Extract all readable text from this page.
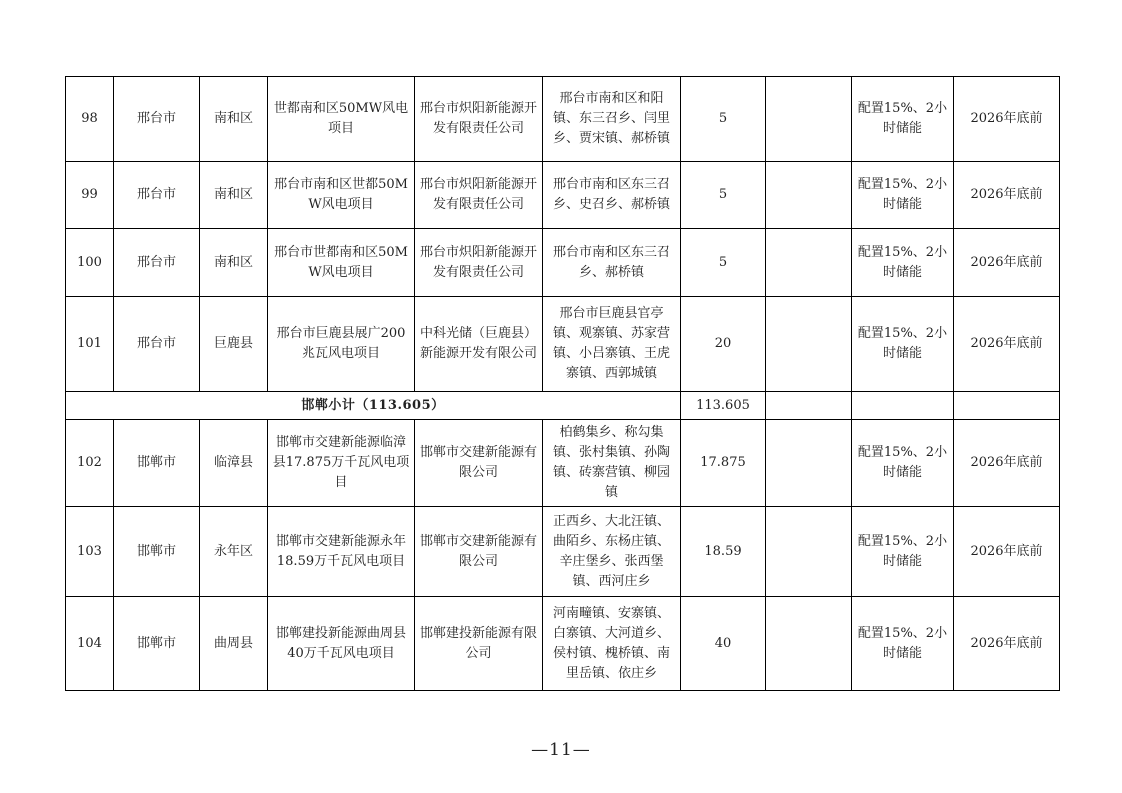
98	邢台市	南和区	世都南和区50MW风电项目	邢台市炽阳新能源开发有限责任公司	邢台市南和区和阳镇、东三召乡、闫里乡、贾宋镇、郝桥镇	5		配置15%、2小时储能	2026年底前
99	邢台市	南和区	邢台市南和区世都50MW风电项目	邢台市炽阳新能源开发有限责任公司	邢台市南和区东三召乡、史召乡、郝桥镇	5		配置15%、2小时储能	2026年底前
100	邢台市	南和区	邢台市世都南和区50MW风电项目	邢台市炽阳新能源开发有限责任公司	邢台市南和区东三召乡、郝桥镇	5		配置15%、2小时储能	2026年底前
101	邢台市	巨鹿县	邢台市巨鹿县展广200兆瓦风电项目	中科光储（巨鹿县）新能源开发有限公司	邢台市巨鹿县官亭镇、观寨镇、苏家营镇、小吕寨镇、王虎寨镇、西郭城镇	20		配置15%、2小时储能	2026年底前
邯郸小计（113.605）						113.605			
102	邯郸市	临漳县	邯郸市交建新能源临漳县17.875万千瓦风电项目	邯郸市交建新能源有限公司	柏鹤集乡、称勾集镇、张村集镇、孙陶镇、砖寨营镇、柳园镇	17.875		配置15%、2小时储能	2026年底前
103	邯郸市	永年区	邯郸市交建新能源永年18.59万千瓦风电项目	邯郸市交建新能源有限公司	正西乡、大北汪镇、曲陌乡、东杨庄镇、辛庄堡乡、张西堡镇、西河庄乡	18.59		配置15%、2小时储能	2026年底前
104	邯郸市	曲周县	邯郸建投新能源曲周县40万千瓦风电项目	邯郸建投新能源有限公司	河南疃镇、安寨镇、白寨镇、大河道乡、侯村镇、槐桥镇、南里岳镇、依庄乡	40		配置15%、2小时储能	2026年底前
—11—
